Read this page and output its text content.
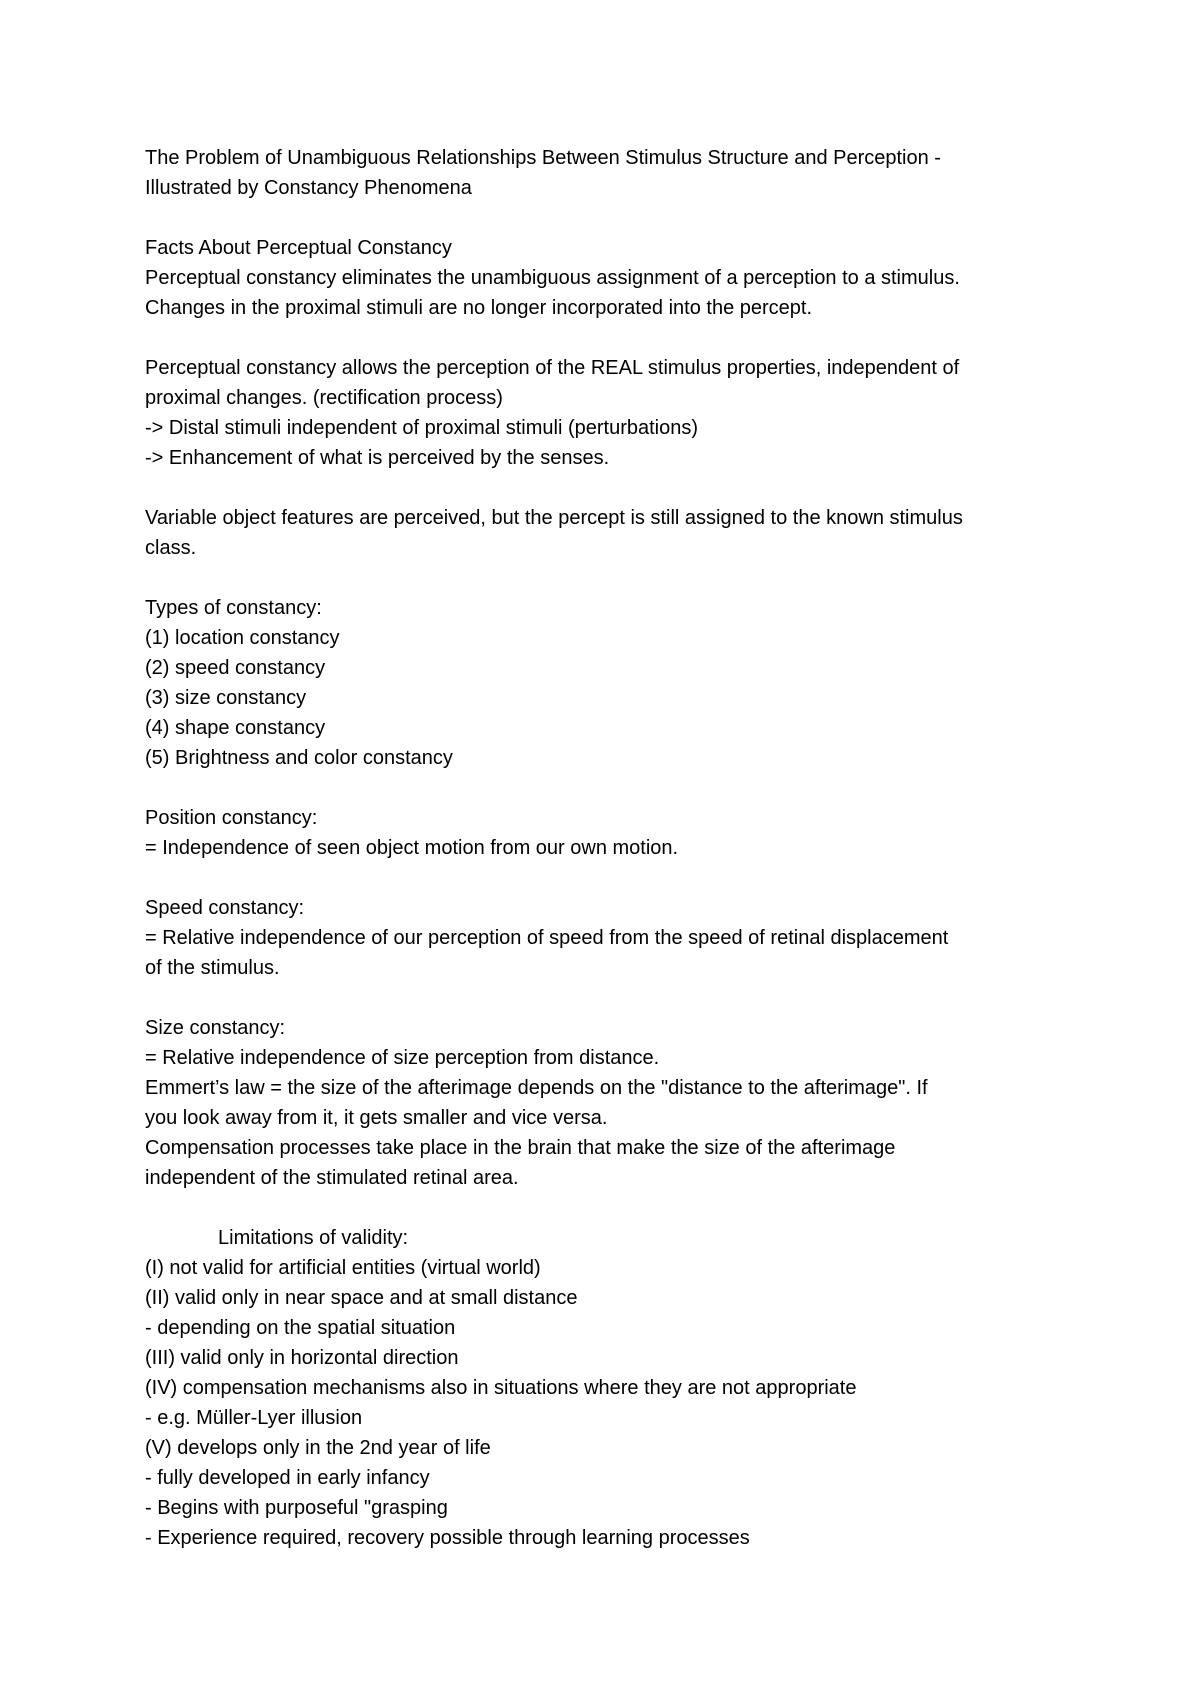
The Problem of Unambiguous Relationships Between Stimulus Structure and Perception -
Illustrated by Constancy Phenomena
Facts About Perceptual Constancy
Perceptual constancy eliminates the unambiguous assignment of a perception to a stimulus.
Changes in the proximal stimuli are no longer incorporated into the percept.
Perceptual constancy allows the perception of the REAL stimulus properties, independent of
proximal changes. (rectification process)
-> Distal stimuli independent of proximal stimuli (perturbations)
-> Enhancement of what is perceived by the senses.
Variable object features are perceived, but the percept is still assigned to the known stimulus
class.
Types of constancy:
(1) location constancy
(2) speed constancy
(3) size constancy
(4) shape constancy
(5) Brightness and color constancy
Position constancy:
= Independence of seen object motion from our own motion.
Speed constancy:
= Relative independence of our perception of speed from the speed of retinal displacement
of the stimulus.
Size constancy:
= Relative independence of size perception from distance.
Emmert’s law = the size of the afterimage depends on the "distance to the afterimage". If
you look away from it, it gets smaller and vice versa.
Compensation processes take place in the brain that make the size of the afterimage
independent of the stimulated retinal area.
Limitations of validity:
(I) not valid for artificial entities (virtual world)
(II) valid only in near space and at small distance
- depending on the spatial situation
(III) valid only in horizontal direction
(IV) compensation mechanisms also in situations where they are not appropriate
- e.g. Müller-Lyer illusion
(V) develops only in the 2nd year of life
- fully developed in early infancy
- Begins with purposeful "grasping
- Experience required, recovery possible through learning processes
